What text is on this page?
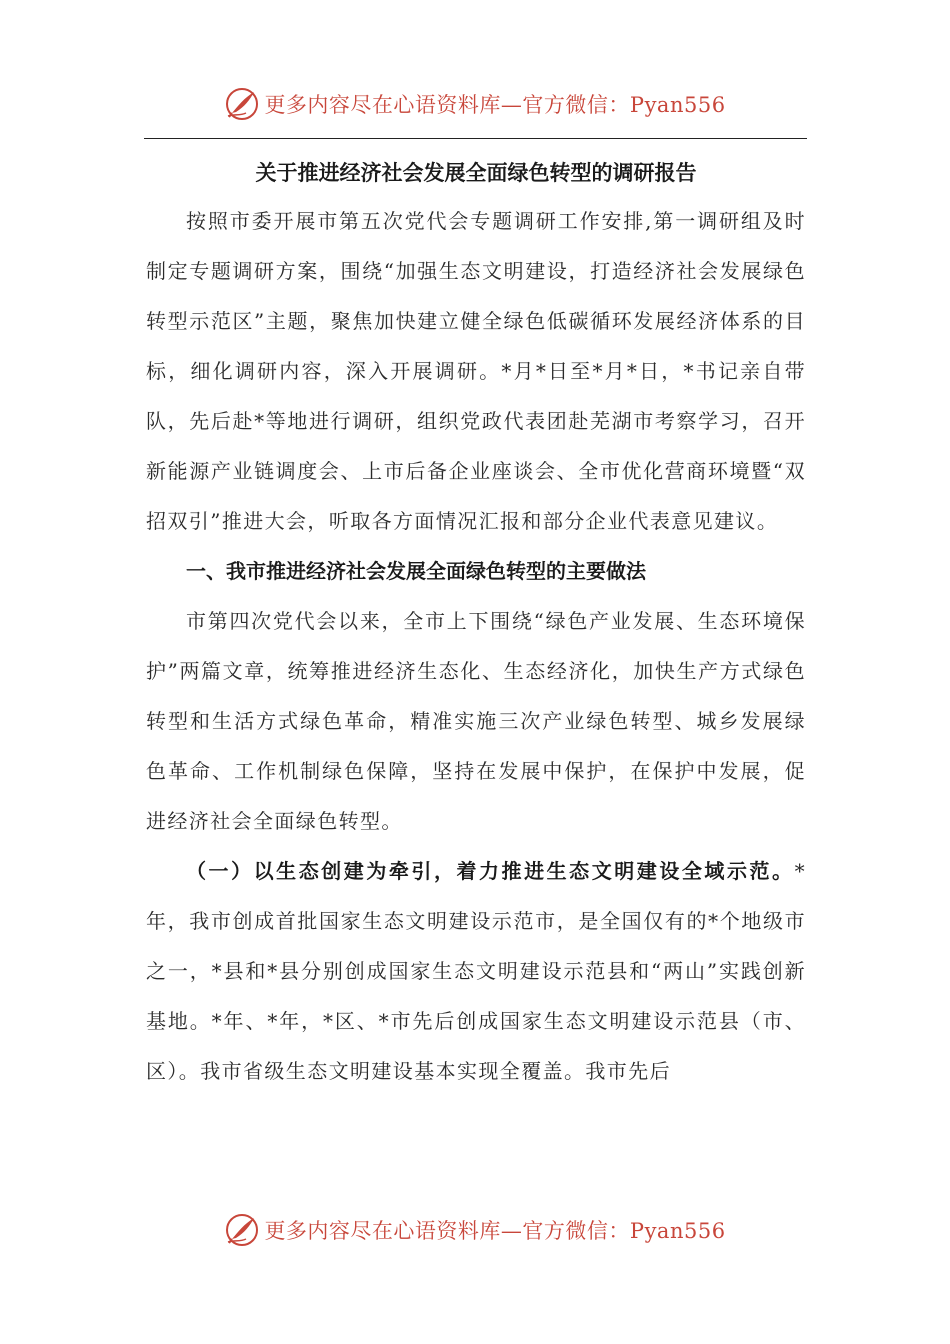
更多内容尽在心语资料库—官方微信：Pyan556
关于推进经济社会发展全面绿色转型的调研报告

按照市委开展市第五次党代会专题调研工作安排,第一调研组及时制定专题调研方案，围绕“加强生态文明建设，打造经济社会发展绿色转型示范区”主题，聚焦加快建立健全绿色低碳循环发展经济体系的目标，细化调研内容，深入开展调研。*月*日至*月*日，*书记亲自带队，先后赴*等地进行调研，组织党政代表团赴芜湖市考察学习，召开新能源产业链调度会、上市后备企业座谈会、全市优化营商环境暨“双招双引”推进大会，听取各方面情况汇报和部分企业代表意见建议。

一、我市推进经济社会发展全面绿色转型的主要做法

市第四次党代会以来，全市上下围绕“绿色产业发展、生态环境保护”两篇文章，统筹推进经济生态化、生态经济化，加快生产方式绿色转型和生活方式绿色革命，精准实施三次产业绿色转型、城乡发展绿色革命、工作机制绿色保障，坚持在发展中保护，在保护中发展，促进经济社会全面绿色转型。

（一）以生态创建为牵引，着力推进生态文明建设全域示范。*年，我市创成首批国家生态文明建设示范市，是全国仅有的*个地级市之一，*县和*县分别创成国家生态文明建设示范县和“两山”实践创新基地。*年、*年，*区、*市先后创成国家生态文明建设示范县（市、区）。我市省级生态文明建设基本实现全覆盖。我市先后

更多内容尽在心语资料库—官方微信：Pyan556
